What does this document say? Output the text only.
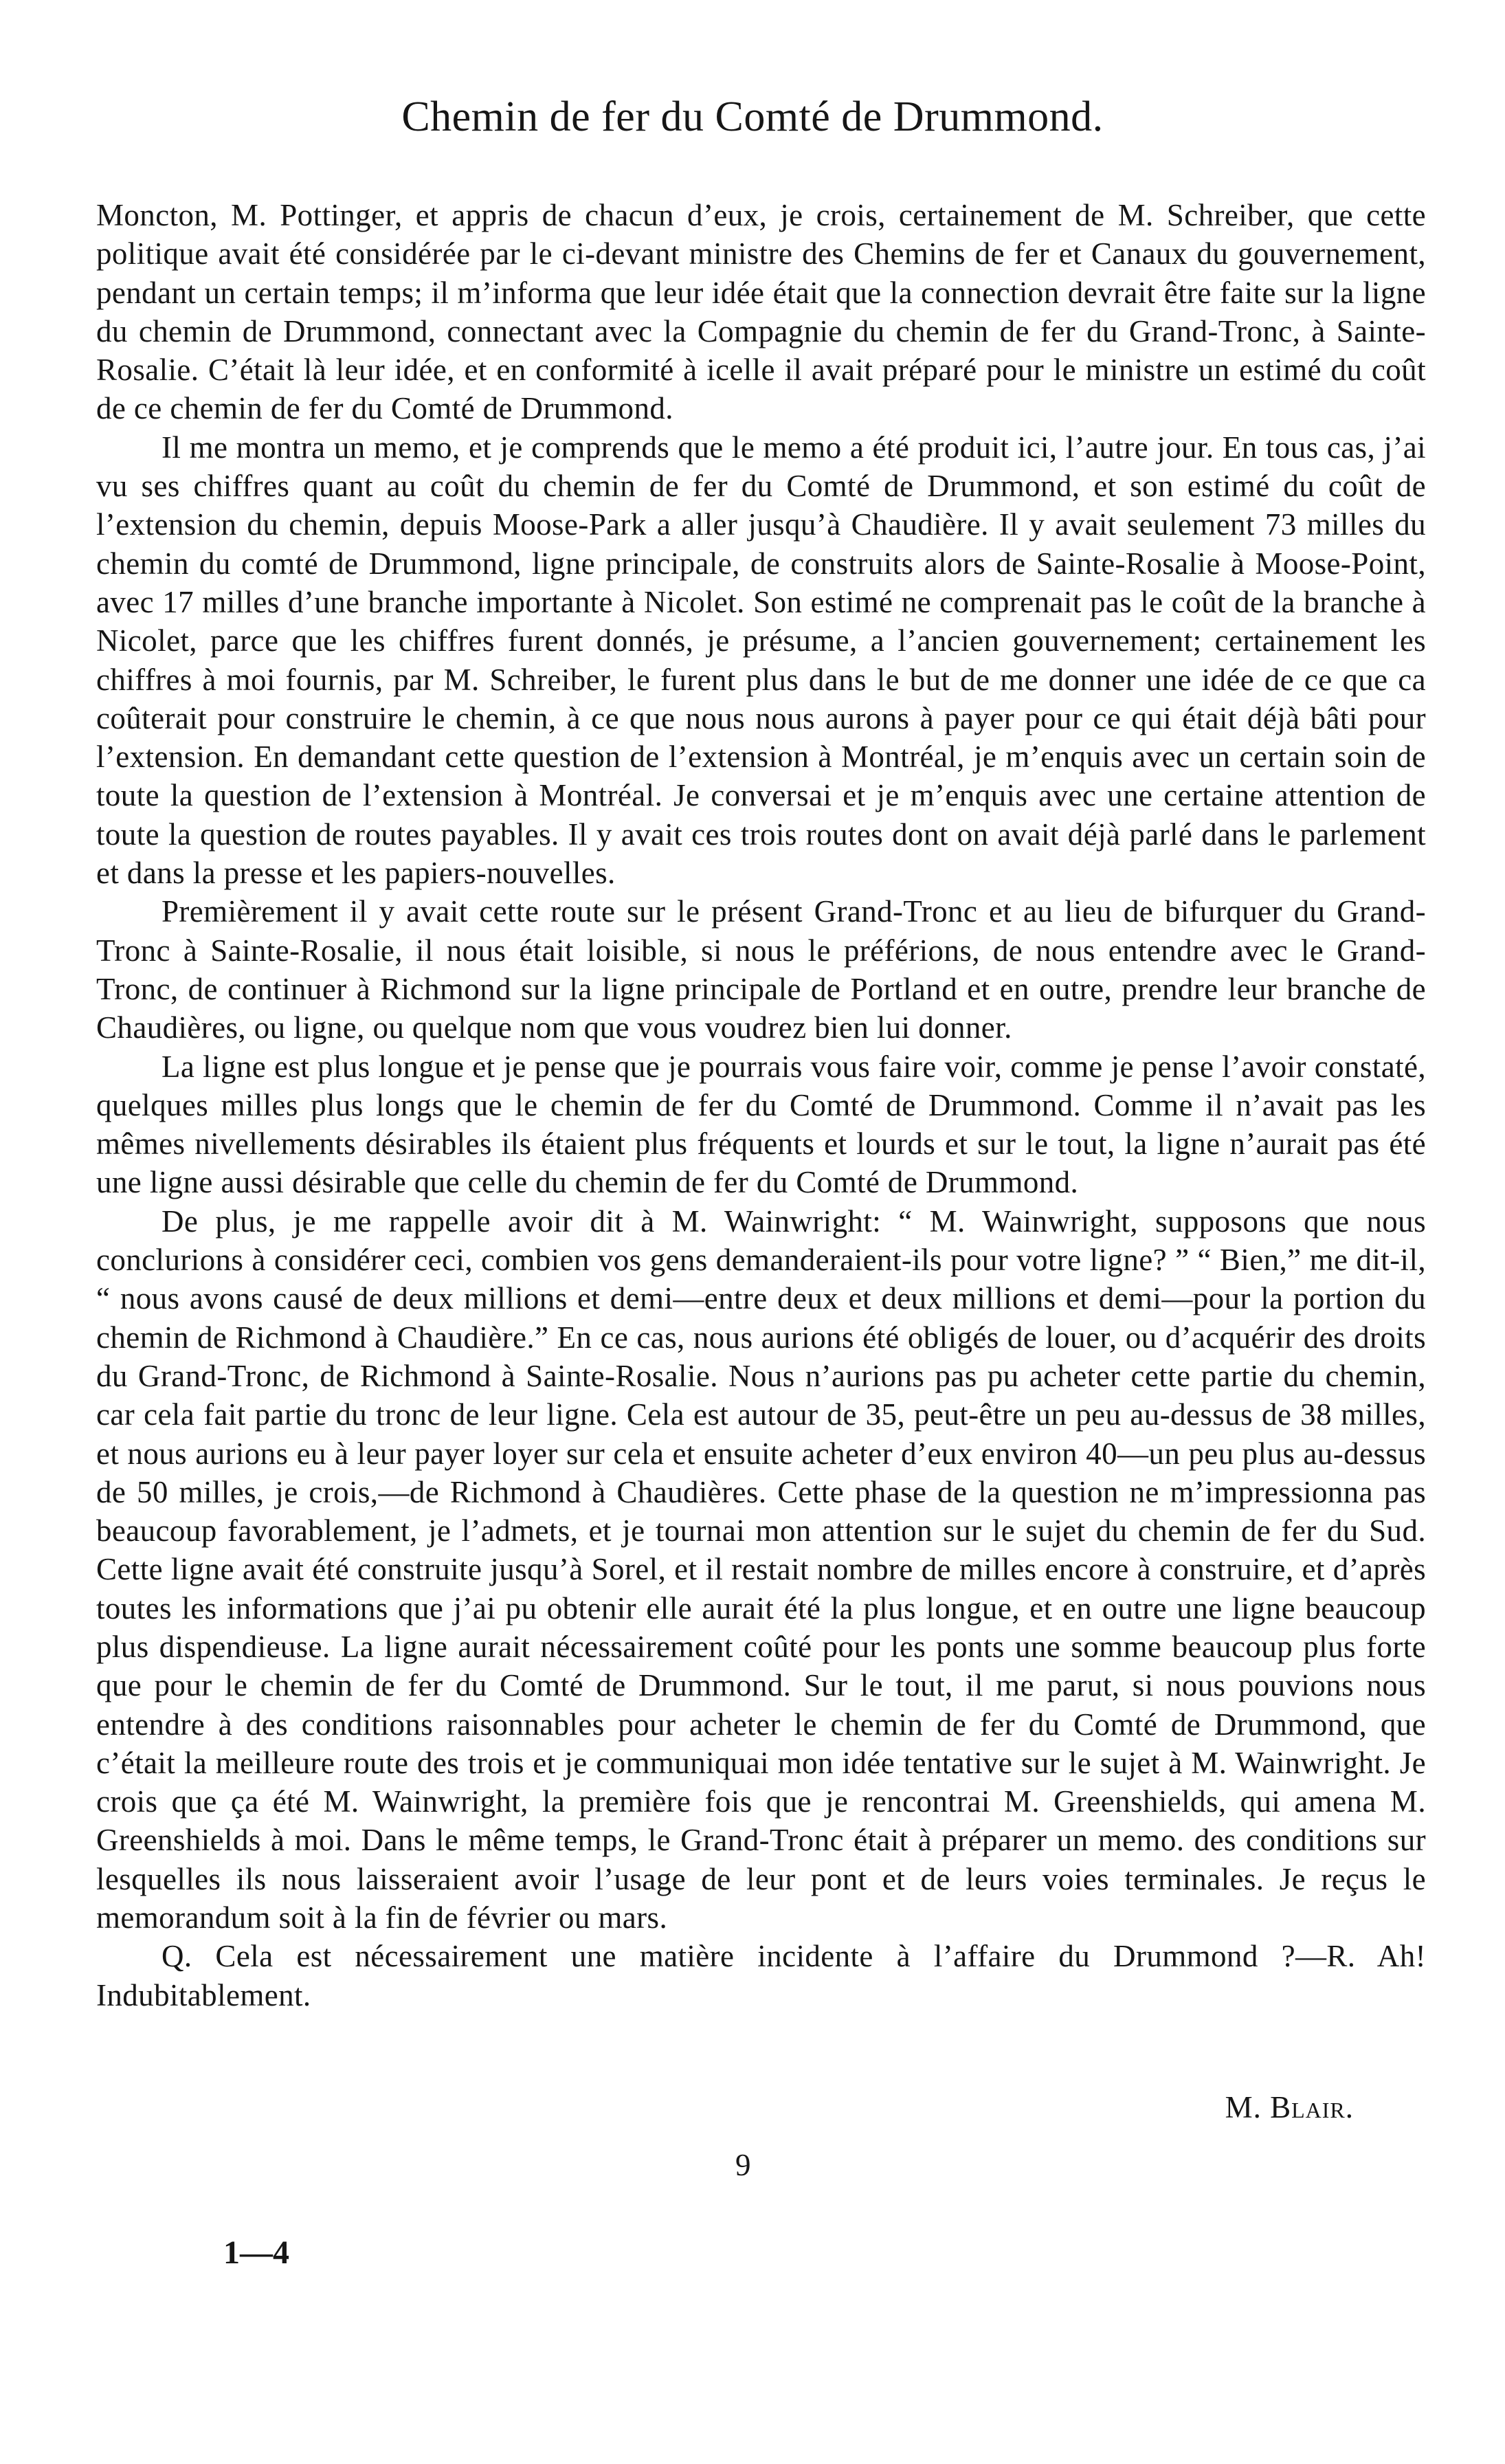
Chemin de fer du Comté de Drummond.

Moncton, M. Pottinger, et appris de chacun d’eux, je crois, certainement de M. Schreiber, que cette politique avait été considérée par le ci-devant ministre des Chemins de fer et Canaux du gouvernement, pendant un certain temps; il m’informa que leur idée était que la connection devrait être faite sur la ligne du chemin de Drummond, connectant avec la Compagnie du chemin de fer du Grand-Tronc, à Sainte-Rosalie. C’était là leur idée, et en conformité à icelle il avait préparé pour le ministre un estimé du coût de ce chemin de fer du Comté de Drummond.

Il me montra un memo, et je comprends que le memo a été produit ici, l’autre jour. En tous cas, j’ai vu ses chiffres quant au coût du chemin de fer du Comté de Drummond, et son estimé du coût de l’extension du chemin, depuis Moose-Park a aller jusqu’à Chaudière. Il y avait seulement 73 milles du chemin du comté de Drummond, ligne principale, de construits alors de Sainte-Rosalie à Moose-Point, avec 17 milles d’une branche importante à Nicolet. Son estimé ne comprenait pas le coût de la branche à Nicolet, parce que les chiffres furent donnés, je présume, a l’ancien gouvernement; certainement les chiffres à moi fournis, par M. Schreiber, le furent plus dans le but de me donner une idée de ce que ca coûterait pour construire le chemin, à ce que nous nous aurons à payer pour ce qui était déjà bâti pour l’extension. En demandant cette question de l’extension à Montréal, je m’enquis avec un certain soin de toute la question de l’extension à Montréal. Je conversai et je m’enquis avec une certaine attention de toute la question de routes payables. Il y avait ces trois routes dont on avait déjà parlé dans le parlement et dans la presse et les papiers-nouvelles.

Premièrement il y avait cette route sur le présent Grand-Tronc et au lieu de bifurquer du Grand-Tronc à Sainte-Rosalie, il nous était loisible, si nous le préférions, de nous entendre avec le Grand-Tronc, de continuer à Richmond sur la ligne principale de Portland et en outre, prendre leur branche de Chaudières, ou ligne, ou quelque nom que vous voudrez bien lui donner.

La ligne est plus longue et je pense que je pourrais vous faire voir, comme je pense l’avoir constaté, quelques milles plus longs que le chemin de fer du Comté de Drummond. Comme il n’avait pas les mêmes nivellements désirables ils étaient plus fréquents et lourds et sur le tout, la ligne n’aurait pas été une ligne aussi désirable que celle du chemin de fer du Comté de Drummond.

De plus, je me rappelle avoir dit à M. Wainwright: “ M. Wainwright, supposons que nous conclurions à considérer ceci, combien vos gens demanderaient-ils pour votre ligne? ” “ Bien,” me dit-il, “ nous avons causé de deux millions et demi—entre deux et deux millions et demi—pour la portion du chemin de Richmond à Chaudière.” En ce cas, nous aurions été obligés de louer, ou d’acquérir des droits du Grand-Tronc, de Richmond à Sainte-Rosalie. Nous n’aurions pas pu acheter cette partie du chemin, car cela fait partie du tronc de leur ligne. Cela est autour de 35, peut-être un peu au-dessus de 38 milles, et nous aurions eu à leur payer loyer sur cela et ensuite acheter d’eux environ 40—un peu plus au-dessus de 50 milles, je crois,—de Richmond à Chaudières. Cette phase de la question ne m’impressionna pas beaucoup favorablement, je l’admets, et je tournai mon attention sur le sujet du chemin de fer du Sud. Cette ligne avait été construite jusqu’à Sorel, et il restait nombre de milles encore à construire, et d’après toutes les informations que j’ai pu obtenir elle aurait été la plus longue, et en outre une ligne beaucoup plus dispendieuse. La ligne aurait nécessairement coûté pour les ponts une somme beaucoup plus forte que pour le chemin de fer du Comté de Drummond. Sur le tout, il me parut, si nous pouvions nous entendre à des conditions raisonnables pour acheter le chemin de fer du Comté de Drummond, que c’était la meilleure route des trois et je communiquai mon idée tentative sur le sujet à M. Wainwright. Je crois que ça été M. Wainwright, la première fois que je rencontrai M. Greenshields, qui amena M. Greenshields à moi. Dans le même temps, le Grand-Tronc était à préparer un memo. des conditions sur lesquelles ils nous laisseraient avoir l’usage de leur pont et de leurs voies terminales. Je reçus le memorandum soit à la fin de février ou mars.

Q. Cela est nécessairement une matière incidente à l’affaire du Drummond ?—R. Ah! Indubitablement.

M. Blair.
9
1—4
